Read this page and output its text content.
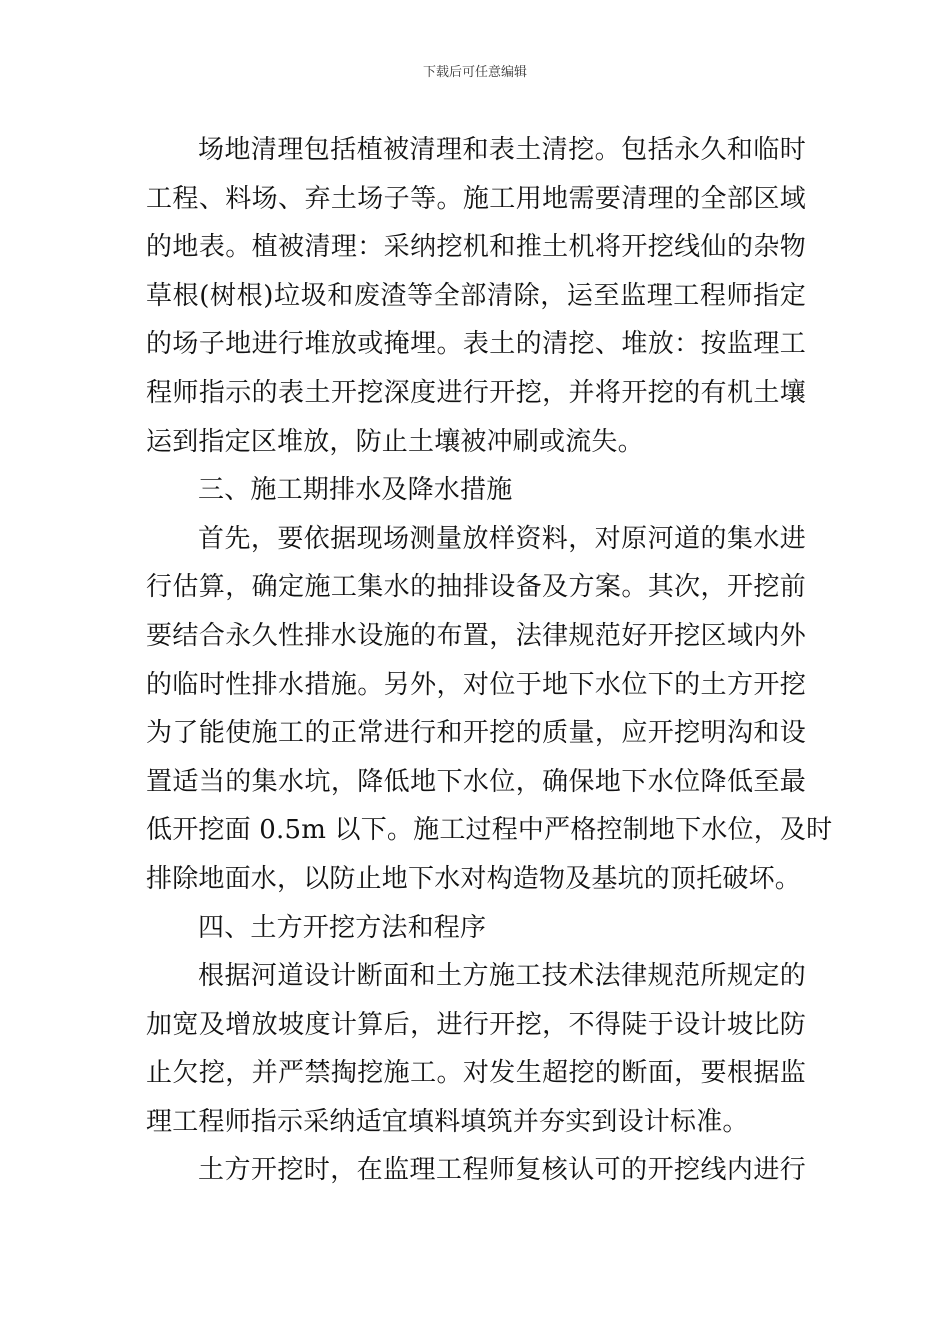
下载后可任意编辑
场地清理包括植被清理和表土清挖。包括永久和临时
工程、料场、弃土场子等。施工用地需要清理的全部区域
的地表。植被清理：采纳挖机和推土机将开挖线仙的杂物
草根(树根)垃圾和废渣等全部清除，运至监理工程师指定
的场子地进行堆放或掩埋。表土的清挖、堆放：按监理工
程师指示的表土开挖深度进行开挖，并将开挖的有机土壤
运到指定区堆放，防止土壤被冲刷或流失。
三、施工期排水及降水措施
首先，要依据现场测量放样资料，对原河道的集水进
行估算，确定施工集水的抽排设备及方案。其次，开挖前
要结合永久性排水设施的布置，法律规范好开挖区域内外
的临时性排水措施。另外，对位于地下水位下的土方开挖
为了能使施工的正常进行和开挖的质量，应开挖明沟和设
置适当的集水坑，降低地下水位，确保地下水位降低至最
低开挖面 0.5m 以下。施工过程中严格控制地下水位，及时
排除地面水，以防止地下水对构造物及基坑的顶托破坏。
四、土方开挖方法和程序
根据河道设计断面和土方施工技术法律规范所规定的
加宽及增放坡度计算后，进行开挖，不得陡于设计坡比防
止欠挖，并严禁掏挖施工。对发生超挖的断面，要根据监
理工程师指示采纳适宜填料填筑并夯实到设计标准。
土方开挖时，在监理工程师复核认可的开挖线内进行
